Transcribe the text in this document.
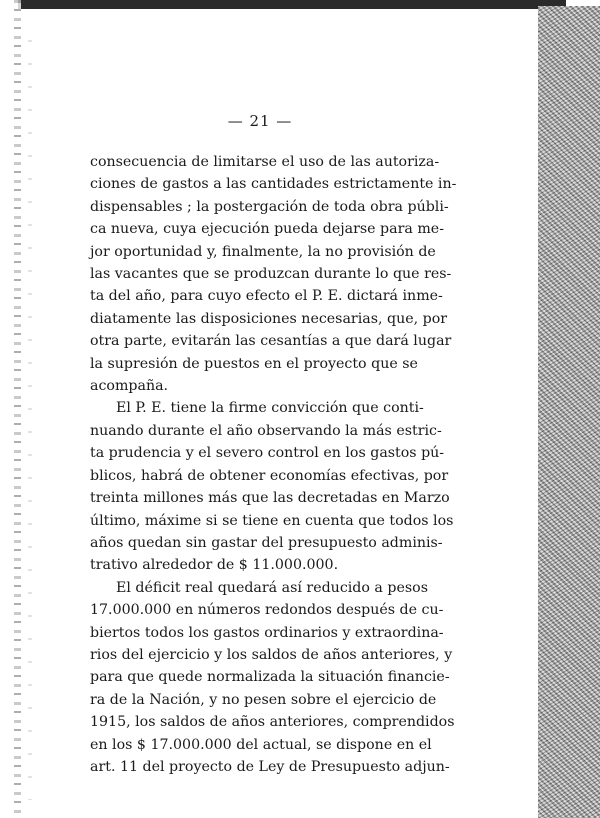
— 21 —
consecuencia de limitarse el uso de las autoriza-
ciones de gastos a las cantidades estrictamente in-
dispensables ; la postergación de toda obra públi-
ca nueva, cuya ejecución pueda dejarse para me-
jor oportunidad y, finalmente, la no provisión de
las vacantes que se produzcan durante lo que res-
ta del año, para cuyo efecto el P. E. dictará inme-
diatamente las disposiciones necesarias, que, por
otra parte, evitarán las cesantías a que dará lugar
la supresión de puestos en el proyecto que se
acompaña.
El P. E. tiene la firme convicción que conti-
nuando durante el año observando la más estric-
ta prudencia y el severo control en los gastos pú-
blicos, habrá de obtener economías efectivas, por
treinta millones más que las decretadas en Marzo
último, máxime si se tiene en cuenta que todos los
años quedan sin gastar del presupuesto adminis-
trativo alrededor de $ 11.000.000.
El déficit real quedará así reducido a pesos
17.000.000 en números redondos después de cu-
biertos todos los gastos ordinarios y extraordina-
rios del ejercicio y los saldos de años anteriores, y
para que quede normalizada la situación financie-
ra de la Nación, y no pesen sobre el ejercicio de
1915, los saldos de años anteriores, comprendidos
en los $ 17.000.000 del actual, se dispone en el
art. 11 del proyecto de Ley de Presupuesto adjun-
